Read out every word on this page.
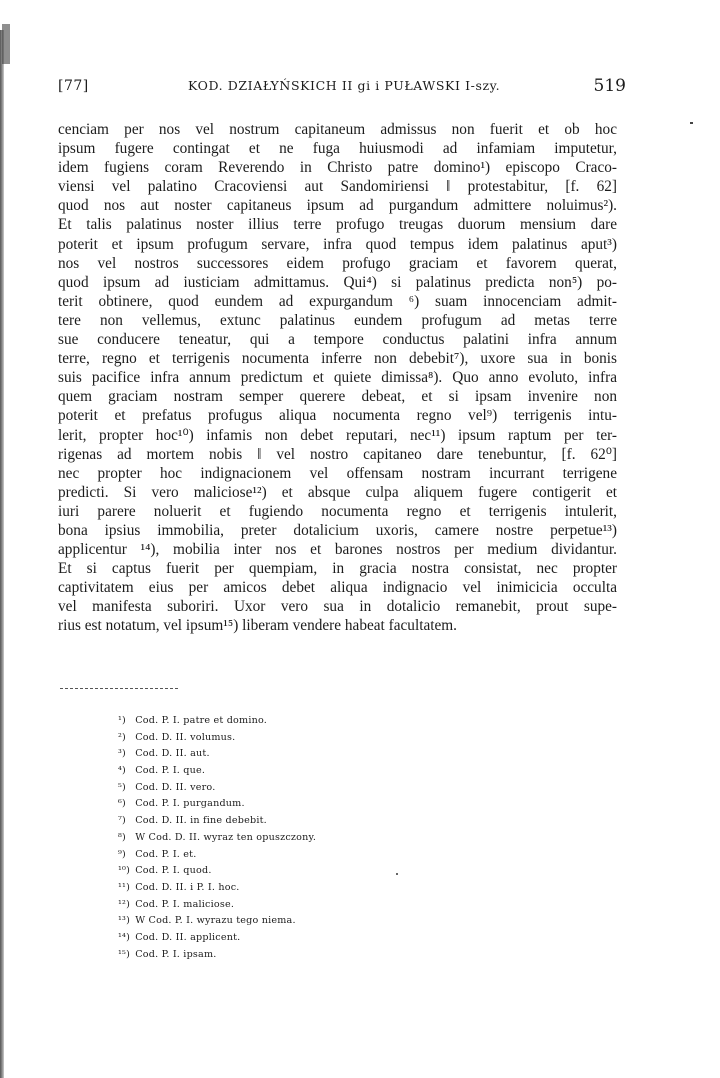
[77]	KOD. DZIAŁYŃSKICH II gi i PUŁAWSKI I-szy.	519
cenciam per nos vel nostrum capitaneum admissus non fuerit et ob hoc
ipsum fugere contingat et ne fuga huiusmodi ad infamiam imputetur,
idem fugiens coram Reverendo in Christo patre domino¹) episcopo Craco-
viensi vel palatino Cracoviensi aut Sandomiriensi ‖ protestabitur, [f. 62]
quod nos aut noster capitaneus ipsum ad purgandum admittere noluimus²).
Et talis palatinus noster illius terre profugo treugas duorum mensium dare
poterit et ipsum profugum servare, infra quod tempus idem palatinus aput³)
nos vel nostros successores eidem profugo graciam et favorem querat,
quod ipsum ad iusticiam admittamus. Qui⁴) si palatinus predicta non⁵) po-
terit obtinere, quod eundem ad expurgandum ⁶) suam innocenciam admit-
tere non vellemus, extunc palatinus eundem profugum ad metas terre
sue conducere teneatur, qui a tempore conductus palatini infra annum
terre, regno et terrigenis nocumenta inferre non debebit⁷), uxore sua in bonis
suis pacifice infra annum predictum et quiete dimissa⁸). Quo anno evoluto, infra
quem graciam nostram semper querere debeat, et si ipsam invenire non
poterit et prefatus profugus aliqua nocumenta regno vel⁹) terrigenis intu-
lerit, propter hoc¹⁰) infamis non debet reputari, nec¹¹) ipsum raptum per ter-
rigenas ad mortem nobis ‖ vel nostro capitaneo dare tenebuntur, [f. 62⁰]
nec propter hoc indignacionem vel offensam nostram incurrant terrigene
predicti. Si vero maliciose¹²) et absque culpa aliquem fugere contigerit et
iuri parere noluerit et fugiendo nocumenta regno et terrigenis intulerit,
bona ipsius immobilia, preter dotalicium uxoris, camere nostre perpetue¹³)
applicentur ¹⁴), mobilia inter nos et barones nostros per medium dividantur.
Et si captus fuerit per quempiam, in gracia nostra consistat, nec propter
captivitatem eius per amicos debet aliqua indignacio vel inimicicia occulta
vel manifesta suboriri. Uxor vero sua in dotalicio remanebit, prout supe-
rius est notatum, vel ipsum¹⁵) liberam vendere habeat facultatem.
¹) Cod. P. I. patre et domino.
²) Cod. D. II. volumus.
³) Cod. D. II. aut.
⁴) Cod. P. I. que.
⁵) Cod. D. II. vero.
⁶) Cod. P. I. purgandum.
⁷) Cod. D. II. in fine debebit.
⁸) W Cod. D. II. wyraz ten opuszczony.
⁹) Cod. P. I. et.
¹⁰) Cod. P. I. quod.
¹¹) Cod. D. II. i P. I. hoc.
¹²) Cod. P. I. maliciose.
¹³) W Cod. P. I. wyrazu tego niema.
¹⁴) Cod. D. II. applicent.
¹⁵) Cod. P. I. ipsam.
